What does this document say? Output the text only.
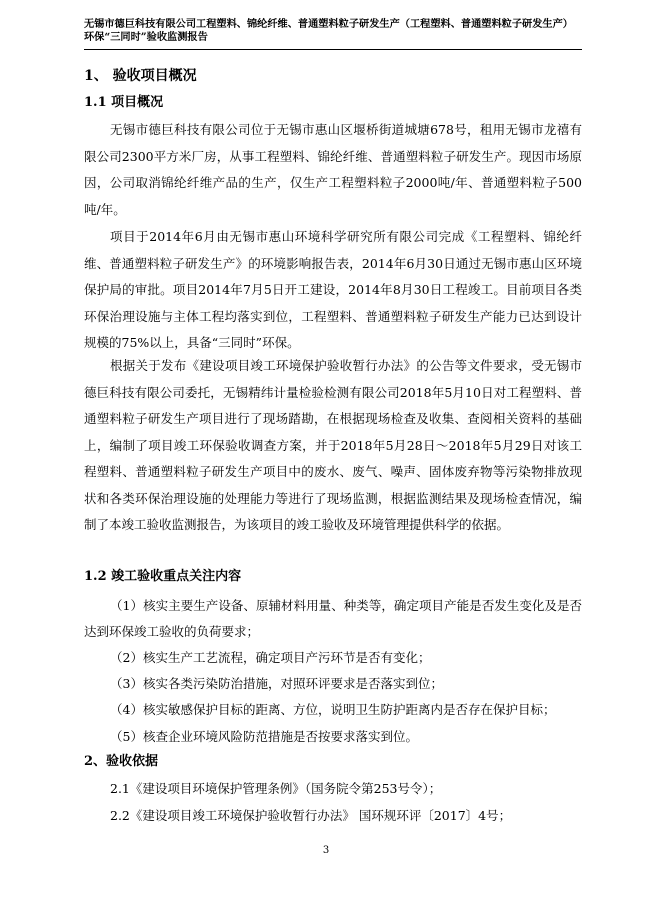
无锡市德巨科技有限公司工程塑料、锦纶纤维、普通塑料粒子研发生产（工程塑料、普通塑料粒子研发生产）环保“三同时”验收监测报告
1、 验收项目概况
1.1 项目概况

无锡市德巨科技有限公司位于无锡市惠山区堰桥街道城塘678号，租用无锡市龙禧有限公司2300平方米厂房，从事工程塑料、锦纶纤维、普通塑料粒子研发生产。现因市场原因，公司取消锦纶纤维产品的生产，仅生产工程塑料粒子2000吨/年、普通塑料粒子500吨/年。

项目于2014年6月由无锡市惠山环境科学研究所有限公司完成《工程塑料、锦纶纤维、普通塑料粒子研发生产》的环境影响报告表，2014年6月30日通过无锡市惠山区环境保护局的审批。项目2014年7月5日开工建设，2014年8月30日工程竣工。目前项目各类环保治理设施与主体工程均落实到位，工程塑料、普通塑料粒子研发生产能力已达到设计规模的75%以上，具备“三同时”环保。

根据关于发布《建设项目竣工环境保护验收暂行办法》的公告等文件要求，受无锡市德巨科技有限公司委托，无锡精纬计量检验检测有限公司2018年5月10日对工程塑料、普通塑料粒子研发生产项目进行了现场踏勘，在根据现场检查及收集、查阅相关资料的基础上，编制了项目竣工环保验收调查方案，并于2018年5月28日～2018年5月29日对该工程塑料、普通塑料粒子研发生产项目中的废水、废气、噪声、固体废弃物等污染物排放现状和各类环保治理设施的处理能力等进行了现场监测，根据监测结果及现场检查情况，编制了本竣工验收监测报告，为该项目的竣工验收及环境管理提供科学的依据。

1.2 竣工验收重点关注内容

（1）核实主要生产设备、原辅材料用量、种类等，确定项目产能是否发生变化及是否达到环保竣工验收的负荷要求；

（2）核实生产工艺流程，确定项目产污环节是否有变化；

（3）核实各类污染防治措施，对照环评要求是否落实到位；

（4）核实敏感保护目标的距离、方位，说明卫生防护距离内是否存在保护目标；

（5）核查企业环境风险防范措施是否按要求落实到位。

2、验收依据
2.1《建设项目环境保护管理条例》（国务院令第253号令）；
2.2《建设项目竣工环境保护验收暂行办法》 国环规环评〔2017〕4号；
3
